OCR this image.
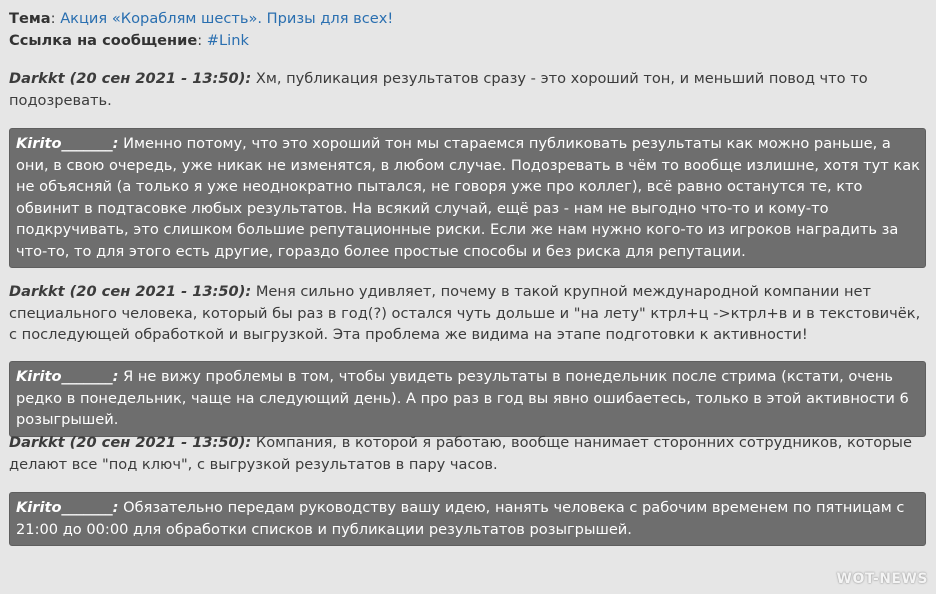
Тема: Акция «Кораблям шесть». Призы для всех!
Ссылка на сообщение: #Link
Darkkt (20 сен 2021 - 13:50): Хм, публикация результатов сразу - это хороший тон, и меньший повод что то подозревать.
Kirito_______: Именно потому, что это хороший тон мы стараемся публиковать результаты как можно раньше, а они, в свою очередь, уже никак не изменятся, в любом случае. Подозревать в чём то вообще излишне, хотя тут как не объясняй (а только я уже неоднократно пытался, не говоря уже про коллег), всё равно останутся те, кто обвинит в подтасовке любых результатов. На всякий случай, ещё раз - нам не выгодно что-то и кому-то подкручивать, это слишком большие репутационные риски. Если же нам нужно кого-то из игроков наградить за что-то, то для этого есть другие, гораздо более простые способы и без риска для репутации.
Darkkt (20 сен 2021 - 13:50): Меня сильно удивляет, почему в такой крупной международной компании нет специального человека, который бы раз в год(?) остался чуть дольше и "на лету" ктрл+ц ->ктрл+в и в текстовичёк, с последующей обработкой и выгрузкой. Эта проблема же видима на этапе подготовки к активности!
Kirito_______: Я не вижу проблемы в том, чтобы увидеть результаты в понедельник после стрима (кстати, очень редко в понедельник, чаще на следующий день). А про раз в год вы явно ошибаетесь, только в этой активности 6 розыгрышей.
Darkkt (20 сен 2021 - 13:50): Компания, в которой я работаю, вообще нанимает сторонних сотрудников, которые делают все "под ключ", с выгрузкой результатов в пару часов.
Kirito_______: Обязательно передам руководству вашу идею, нанять человека с рабочим временем по пятницам с 21:00 до 00:00 для обработки списков и публикации результатов розыгрышей.
WOT-NEWS
